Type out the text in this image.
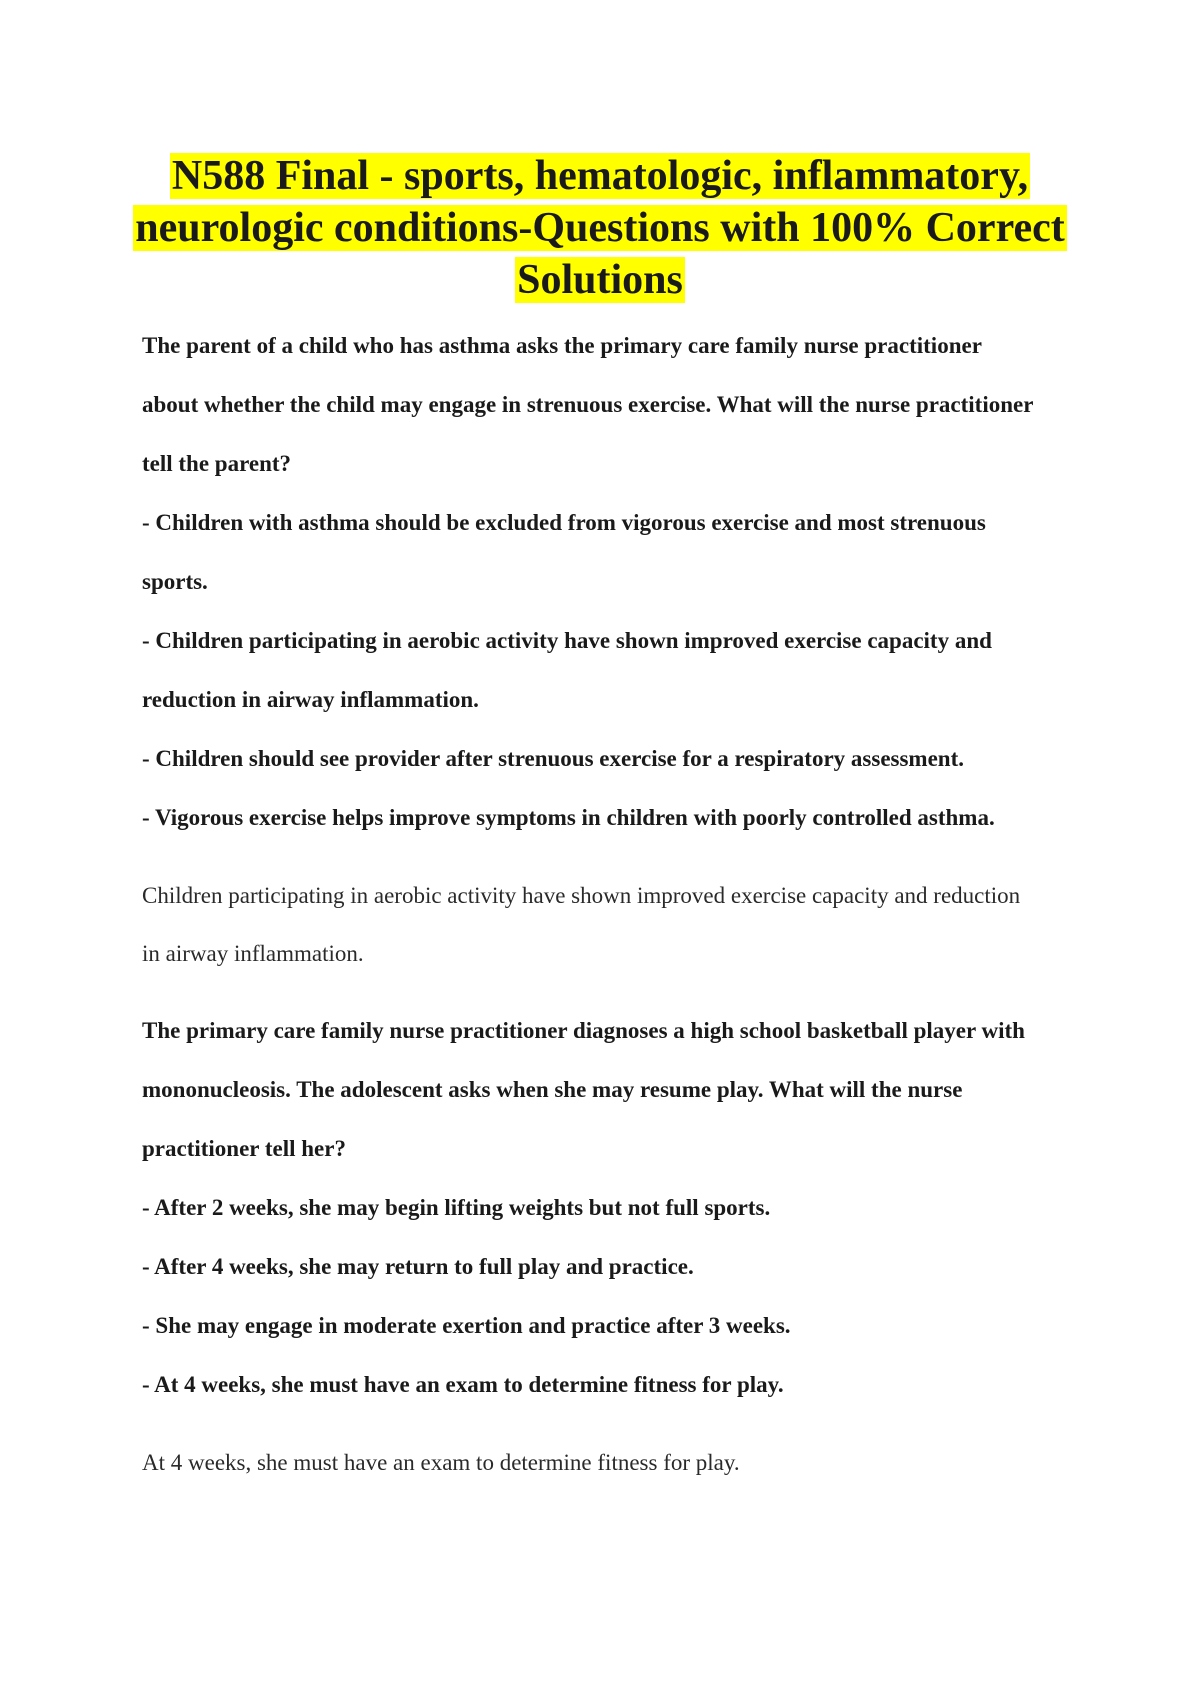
N588 Final - sports, hematologic, inflammatory,
neurologic conditions-Questions with 100% Correct
Solutions

The parent of a child who has asthma asks the primary care family nurse practitioner

about whether the child may engage in strenuous exercise. What will the nurse practitioner

tell the parent?

- Children with asthma should be excluded from vigorous exercise and most strenuous

sports.

- Children participating in aerobic activity have shown improved exercise capacity and

reduction in airway inflammation.

- Children should see provider after strenuous exercise for a respiratory assessment.

- Vigorous exercise helps improve symptoms in children with poorly controlled asthma.

Children participating in aerobic activity have shown improved exercise capacity and reduction

in airway inflammation.

The primary care family nurse practitioner diagnoses a high school basketball player with

mononucleosis. The adolescent asks when she may resume play. What will the nurse

practitioner tell her?

- After 2 weeks, she may begin lifting weights but not full sports.

- After 4 weeks, she may return to full play and practice.

- She may engage in moderate exertion and practice after 3 weeks.

- At 4 weeks, she must have an exam to determine fitness for play.

At 4 weeks, she must have an exam to determine fitness for play.
